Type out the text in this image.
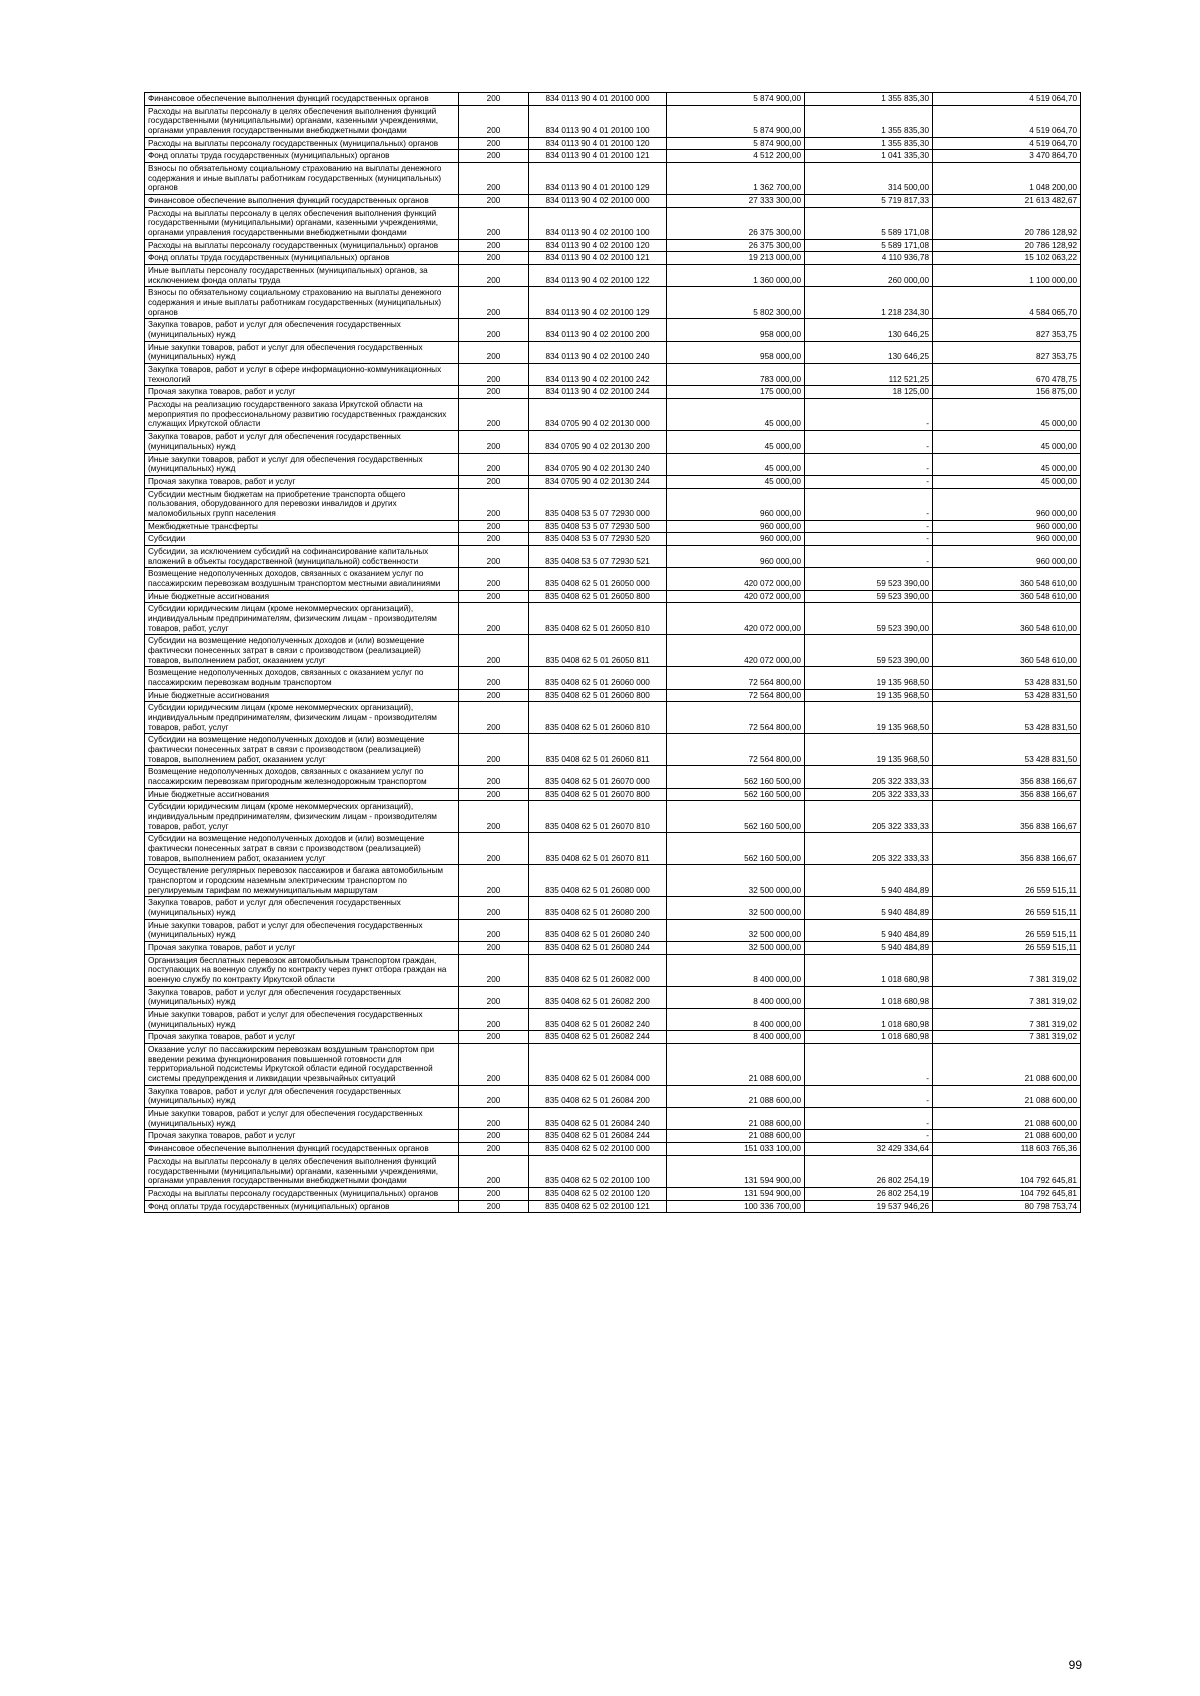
Финансовое обеспечение выполнения функций государственных органов	200	834 0113 90 4 01 20100 000	5 874 900,00	1 355 835,30	4 519 064,70
Расходы на выплаты персоналу в целях обеспечения выполнения функций государственными (муниципальными) органами, казенными учреждениями, органами управления государственными внебюджетными фондами	200	834 0113 90 4 01 20100 100	5 874 900,00	1 355 835,30	4 519 064,70
Расходы на выплаты персоналу государственных (муниципальных) органов	200	834 0113 90 4 01 20100 120	5 874 900,00	1 355 835,30	4 519 064,70
Фонд оплаты труда государственных (муниципальных) органов	200	834 0113 90 4 01 20100 121	4 512 200,00	1 041 335,30	3 470 864,70
Взносы по обязательному социальному страхованию на выплаты денежного содержания и иные выплаты работникам государственных (муниципальных) органов	200	834 0113 90 4 01 20100 129	1 362 700,00	314 500,00	1 048 200,00
Финансовое обеспечение выполнения функций государственных органов	200	834 0113 90 4 02 20100 000	27 333 300,00	5 719 817,33	21 613 482,67
Расходы на выплаты персоналу в целях обеспечения выполнения функций государственными (муниципальными) органами, казенными учреждениями, органами управления государственными внебюджетными фондами	200	834 0113 90 4 02 20100 100	26 375 300,00	5 589 171,08	20 786 128,92
Расходы на выплаты персоналу государственных (муниципальных) органов	200	834 0113 90 4 02 20100 120	26 375 300,00	5 589 171,08	20 786 128,92
Фонд оплаты труда государственных (муниципальных) органов	200	834 0113 90 4 02 20100 121	19 213 000,00	4 110 936,78	15 102 063,22
Иные выплаты персоналу государственных (муниципальных) органов, за исключением фонда оплаты труда	200	834 0113 90 4 02 20100 122	1 360 000,00	260 000,00	1 100 000,00
Взносы по обязательному социальному страхованию на выплаты денежного содержания и иные выплаты работникам государственных (муниципальных) органов	200	834 0113 90 4 02 20100 129	5 802 300,00	1 218 234,30	4 584 065,70
Закупка товаров, работ и услуг для обеспечения государственных (муниципальных) нужд	200	834 0113 90 4 02 20100 200	958 000,00	130 646,25	827 353,75
Иные закупки товаров, работ и услуг для обеспечения государственных (муниципальных) нужд	200	834 0113 90 4 02 20100 240	958 000,00	130 646,25	827 353,75
Закупка товаров, работ и услуг в сфере информационно-коммуникационных технологий	200	834 0113 90 4 02 20100 242	783 000,00	112 521,25	670 478,75
Прочая закупка товаров, работ и услуг	200	834 0113 90 4 02 20100 244	175 000,00	18 125,00	156 875,00
Расходы на реализацию государственного заказа Иркутской области на мероприятия по профессиональному развитию государственных гражданских служащих Иркутской области	200	834 0705 90 4 02 20130 000	45 000,00	-	45 000,00
Закупка товаров, работ и услуг для обеспечения государственных (муниципальных) нужд	200	834 0705 90 4 02 20130 200	45 000,00	-	45 000,00
Иные закупки товаров, работ и услуг для обеспечения государственных (муниципальных) нужд	200	834 0705 90 4 02 20130 240	45 000,00	-	45 000,00
Прочая закупка товаров, работ и услуг	200	834 0705 90 4 02 20130 244	45 000,00	-	45 000,00
Субсидии местным бюджетам на приобретение транспорта общего пользования, оборудованного для перевозки инвалидов и других маломобильных групп населения	200	835 0408 53 5 07 72930 000	960 000,00	-	960 000,00
Межбюджетные трансферты	200	835 0408 53 5 07 72930 500	960 000,00	-	960 000,00
Субсидии	200	835 0408 53 5 07 72930 520	960 000,00	-	960 000,00
Субсидии, за исключением субсидий на софинансирование капитальных вложений в объекты государственной (муниципальной) собственности	200	835 0408 53 5 07 72930 521	960 000,00	-	960 000,00
Возмещение недополученных доходов, связанных с оказанием услуг по пассажирским перевозкам воздушным транспортом местными авиалиниями	200	835 0408 62 5 01 26050 000	420 072 000,00	59 523 390,00	360 548 610,00
Иные бюджетные ассигнования	200	835 0408 62 5 01 26050 800	420 072 000,00	59 523 390,00	360 548 610,00
Субсидии юридическим лицам (кроме некоммерческих организаций), индивидуальным предпринимателям, физическим лицам - производителям товаров, работ, услуг	200	835 0408 62 5 01 26050 810	420 072 000,00	59 523 390,00	360 548 610,00
Субсидии на возмещение недополученных доходов и (или) возмещение фактически понесенных затрат в связи с производством (реализацией) товаров, выполнением работ, оказанием услуг	200	835 0408 62 5 01 26050 811	420 072 000,00	59 523 390,00	360 548 610,00
Возмещение недополученных доходов, связанных с оказанием услуг по пассажирским перевозкам водным транспортом	200	835 0408 62 5 01 26060 000	72 564 800,00	19 135 968,50	53 428 831,50
Иные бюджетные ассигнования	200	835 0408 62 5 01 26060 800	72 564 800,00	19 135 968,50	53 428 831,50
Субсидии юридическим лицам (кроме некоммерческих организаций), индивидуальным предпринимателям, физическим лицам - производителям товаров, работ, услуг	200	835 0408 62 5 01 26060 810	72 564 800,00	19 135 968,50	53 428 831,50
Субсидии на возмещение недополученных доходов и (или) возмещение фактически понесенных затрат в связи с производством (реализацией) товаров, выполнением работ, оказанием услуг	200	835 0408 62 5 01 26060 811	72 564 800,00	19 135 968,50	53 428 831,50
Возмещение недополученных доходов, связанных с оказанием услуг по пассажирским перевозкам пригородным железнодорожным транспортом	200	835 0408 62 5 01 26070 000	562 160 500,00	205 322 333,33	356 838 166,67
Иные бюджетные ассигнования	200	835 0408 62 5 01 26070 800	562 160 500,00	205 322 333,33	356 838 166,67
Субсидии юридическим лицам (кроме некоммерческих организаций), индивидуальным предпринимателям, физическим лицам - производителям товаров, работ, услуг	200	835 0408 62 5 01 26070 810	562 160 500,00	205 322 333,33	356 838 166,67
Субсидии на возмещение недополученных доходов и (или) возмещение фактически понесенных затрат в связи с производством (реализацией) товаров, выполнением работ, оказанием услуг	200	835 0408 62 5 01 26070 811	562 160 500,00	205 322 333,33	356 838 166,67
Осуществление регулярных перевозок пассажиров и багажа автомобильным транспортом и городским наземным электрическим транспортом по регулируемым тарифам по межмуниципальным маршрутам	200	835 0408 62 5 01 26080 000	32 500 000,00	5 940 484,89	26 559 515,11
Закупка товаров, работ и услуг для обеспечения государственных (муниципальных) нужд	200	835 0408 62 5 01 26080 200	32 500 000,00	5 940 484,89	26 559 515,11
Иные закупки товаров, работ и услуг для обеспечения государственных (муниципальных) нужд	200	835 0408 62 5 01 26080 240	32 500 000,00	5 940 484,89	26 559 515,11
Прочая закупка товаров, работ и услуг	200	835 0408 62 5 01 26080 244	32 500 000,00	5 940 484,89	26 559 515,11
Организация бесплатных перевозок автомобильным транспортом граждан, поступающих на военную службу по контракту через пункт отбора граждан на военную службу по контракту Иркутской области	200	835 0408 62 5 01 26082 000	8 400 000,00	1 018 680,98	7 381 319,02
Закупка товаров, работ и услуг для обеспечения государственных (муниципальных) нужд	200	835 0408 62 5 01 26082 200	8 400 000,00	1 018 680,98	7 381 319,02
Иные закупки товаров, работ и услуг для обеспечения государственных (муниципальных) нужд	200	835 0408 62 5 01 26082 240	8 400 000,00	1 018 680,98	7 381 319,02
Прочая закупка товаров, работ и услуг	200	835 0408 62 5 01 26082 244	8 400 000,00	1 018 680,98	7 381 319,02
Оказание услуг по пассажирским перевозкам воздушным транспортом при введении режима функционирования повышенной готовности для территориальной подсистемы Иркутской области единой государственной системы предупреждения и ликвидации чрезвычайных ситуаций	200	835 0408 62 5 01 26084 000	21 088 600,00	-	21 088 600,00
Закупка товаров, работ и услуг для обеспечения государственных (муниципальных) нужд	200	835 0408 62 5 01 26084 200	21 088 600,00	-	21 088 600,00
Иные закупки товаров, работ и услуг для обеспечения государственных (муниципальных) нужд	200	835 0408 62 5 01 26084 240	21 088 600,00	-	21 088 600,00
Прочая закупка товаров, работ и услуг	200	835 0408 62 5 01 26084 244	21 088 600,00	-	21 088 600,00
Финансовое обеспечение выполнения функций государственных органов	200	835 0408 62 5 02 20100 000	151 033 100,00	32 429 334,64	118 603 765,36
Расходы на выплаты персоналу в целях обеспечения выполнения функций государственными (муниципальными) органами, казенными учреждениями, органами управления государственными внебюджетными фондами	200	835 0408 62 5 02 20100 100	131 594 900,00	26 802 254,19	104 792 645,81
Расходы на выплаты персоналу государственных (муниципальных) органов	200	835 0408 62 5 02 20100 120	131 594 900,00	26 802 254,19	104 792 645,81
Фонд оплаты труда государственных (муниципальных) органов	200	835 0408 62 5 02 20100 121	100 336 700,00	19 537 946,26	80 798 753,74
99
